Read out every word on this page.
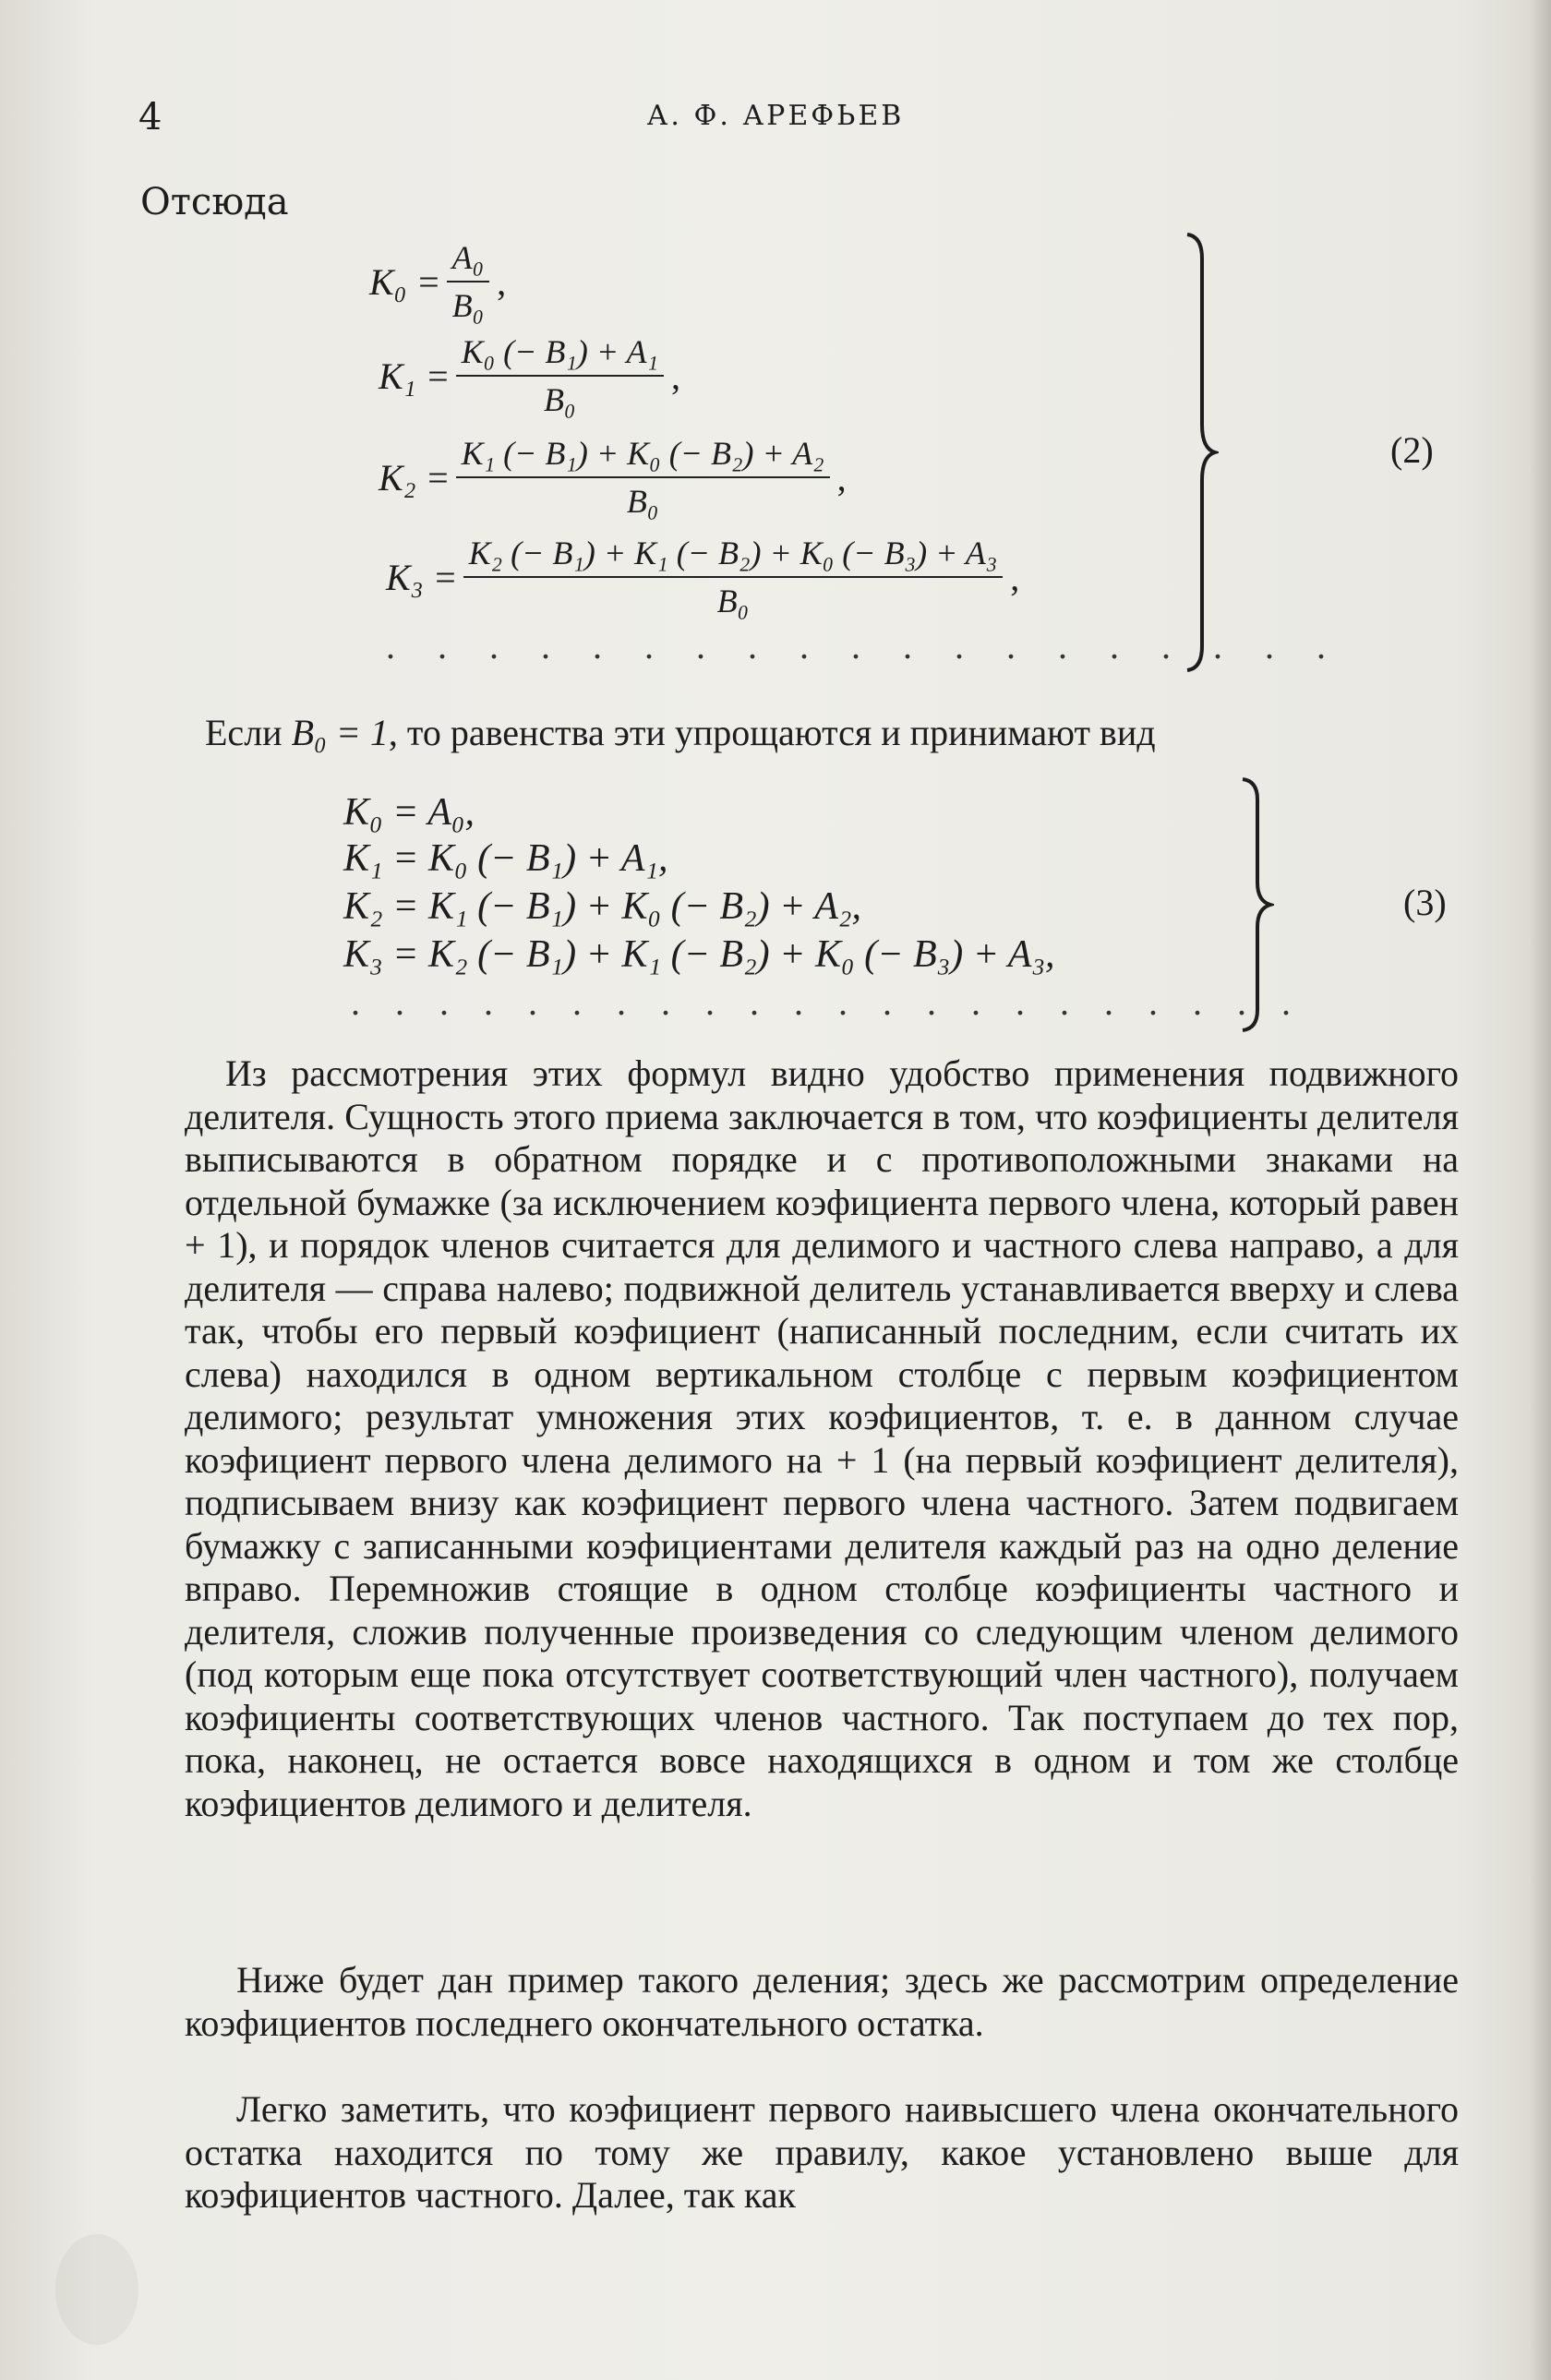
4	А. Ф. АРЕФЬЕВ
Отсюда
$K_0 = \frac{\text{A₀}}{\text{B₀}}$ ,
$K_1 = \frac{\text{K₀ (− B₁) + A₁}}{\text{B₀}}$ ,
$K_2 = \frac{\text{K₁ (− B₁) + K₀ (− B₂) + A₂}}{\text{B₀}}$ ,
$K_3 = \frac{\text{K₂ (− B₁) + K₁ (− B₂) + K₀ (− B₃) + A₃}}{\text{B₀}}$ ,
. . . . . . . . . . . . . . . . . . .
(2)
Если B₀ = 1, то равенства эти упрощаются и принимают вид
K₀ = A₀,
K₁ = K₀ (− B₁) + A₁,
K₂ = K₁ (− B₁) + K₀ (− B₂) + A₂,
K₃ = K₂ (− B₁) + K₁ (− B₂) + K₀ (− B₃) + A₃,
. . . . . . . . . . . . . . . . . . . . . .
(3)
Из рассмотрения этих формул видно удобство применения подвижного делителя. Сущность этого приема заключается в том, что коэфициенты делителя выписываются в обратном порядке и с противоположными знаками на отдельной бумажке (за исключением коэфициента первого члена, который равен + 1), и порядок членов считается для делимого и частного слева направо, а для делителя — справа налево; подвижной делитель устанавливается вверху и слева так, чтобы его первый коэфициент (написанный последним, если считать их слева) находился в одном вертикальном столбце с первым коэфициентом делимого; результат умножения этих коэфициентов, т. е. в данном случае коэфициент первого члена делимого на + 1 (на первый коэфициент делителя), подписываем внизу как коэфициент первого члена частного. Затем подвигаем бумажку с записанными коэфициентами делителя каждый раз на одно деление вправо. Перемножив стоящие в одном столбце коэфициенты частного и делителя, сложив полученные произведения со следующим членом делимого (под которым еще пока отсутствует соответствующий член частного), получаем коэфициенты соответствующих членов частного. Так поступаем до тех пор, пока, наконец, не остается вовсе находящихся в одном и том же столбце коэфициентов делимого и делителя.
Ниже будет дан пример такого деления; здесь же рассмотрим определение коэфициентов последнего окончательного остатка.
Легко заметить, что коэфициент первого наивысшего члена окончательного остатка находится по тому же правилу, какое установлено выше для коэфициентов частного. Далее, так как
